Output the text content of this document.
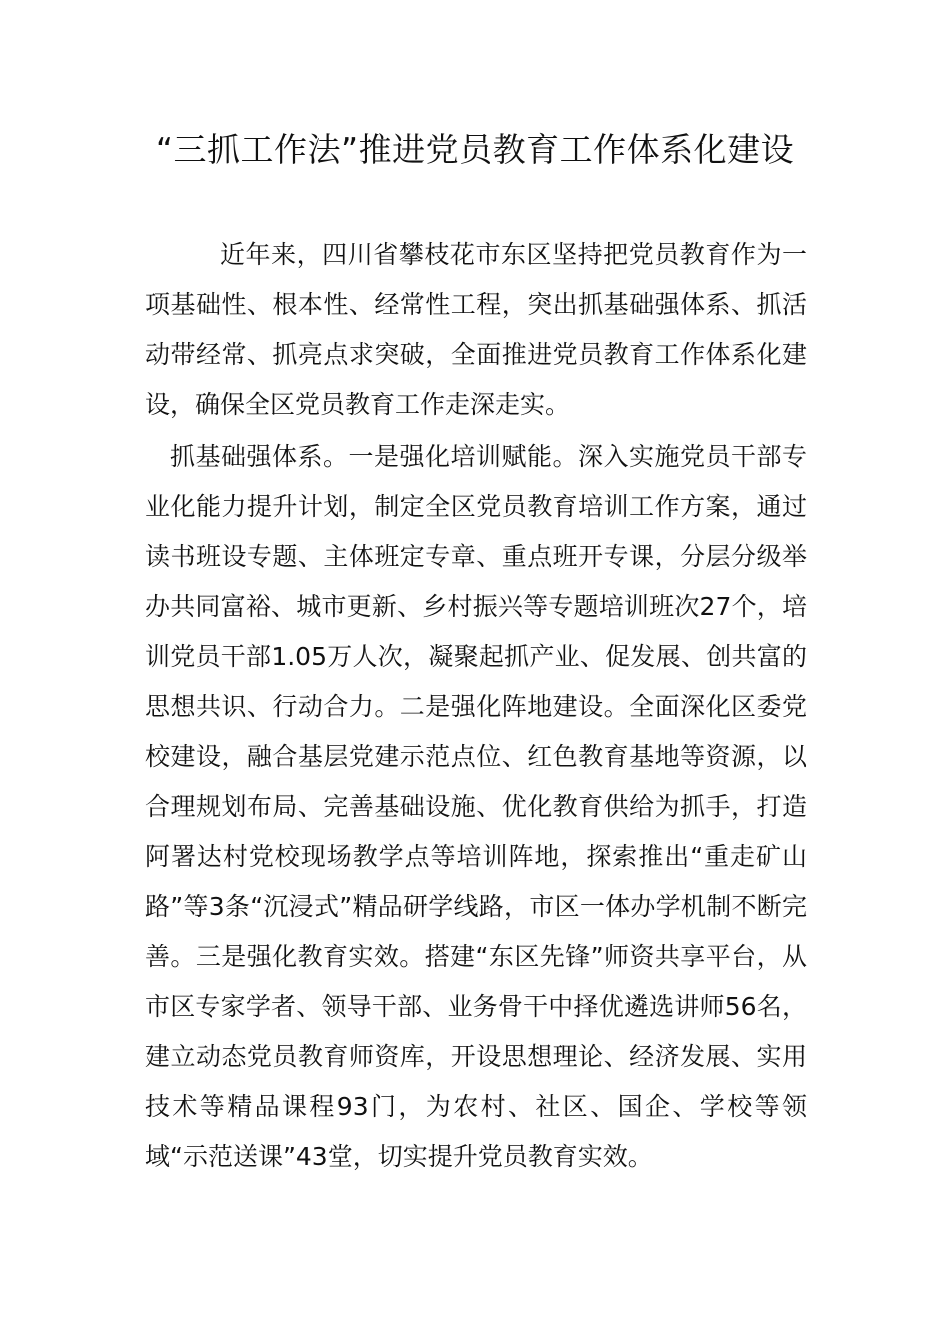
“三抓工作法”推进党员教育工作体系化建设

近年来，四川省攀枝花市东区坚持把党员教育作为一项基础性、根本性、经常性工程，突出抓基础强体系、抓活动带经常、抓亮点求突破，全面推进党员教育工作体系化建设，确保全区党员教育工作走深走实。

抓基础强体系。一是强化培训赋能。深入实施党员干部专业化能力提升计划，制定全区党员教育培训工作方案，通过读书班设专题、主体班定专章、重点班开专课，分层分级举办共同富裕、城市更新、乡村振兴等专题培训班次27个，培训党员干部1.05万人次，凝聚起抓产业、促发展、创共富的思想共识、行动合力。二是强化阵地建设。全面深化区委党校建设，融合基层党建示范点位、红色教育基地等资源，以合理规划布局、完善基础设施、优化教育供给为抓手，打造阿署达村党校现场教学点等培训阵地，探索推出“重走矿山路”等3条“沉浸式”精品研学线路，市区一体办学机制不断完善。三是强化教育实效。搭建“东区先锋”师资共享平台，从市区专家学者、领导干部、业务骨干中择优遴选讲师56名，建立动态党员教育师资库，开设思想理论、经济发展、实用技术等精品课程93门，为农村、社区、国企、学校等领域“示范送课”43堂，切实提升党员教育实效。
